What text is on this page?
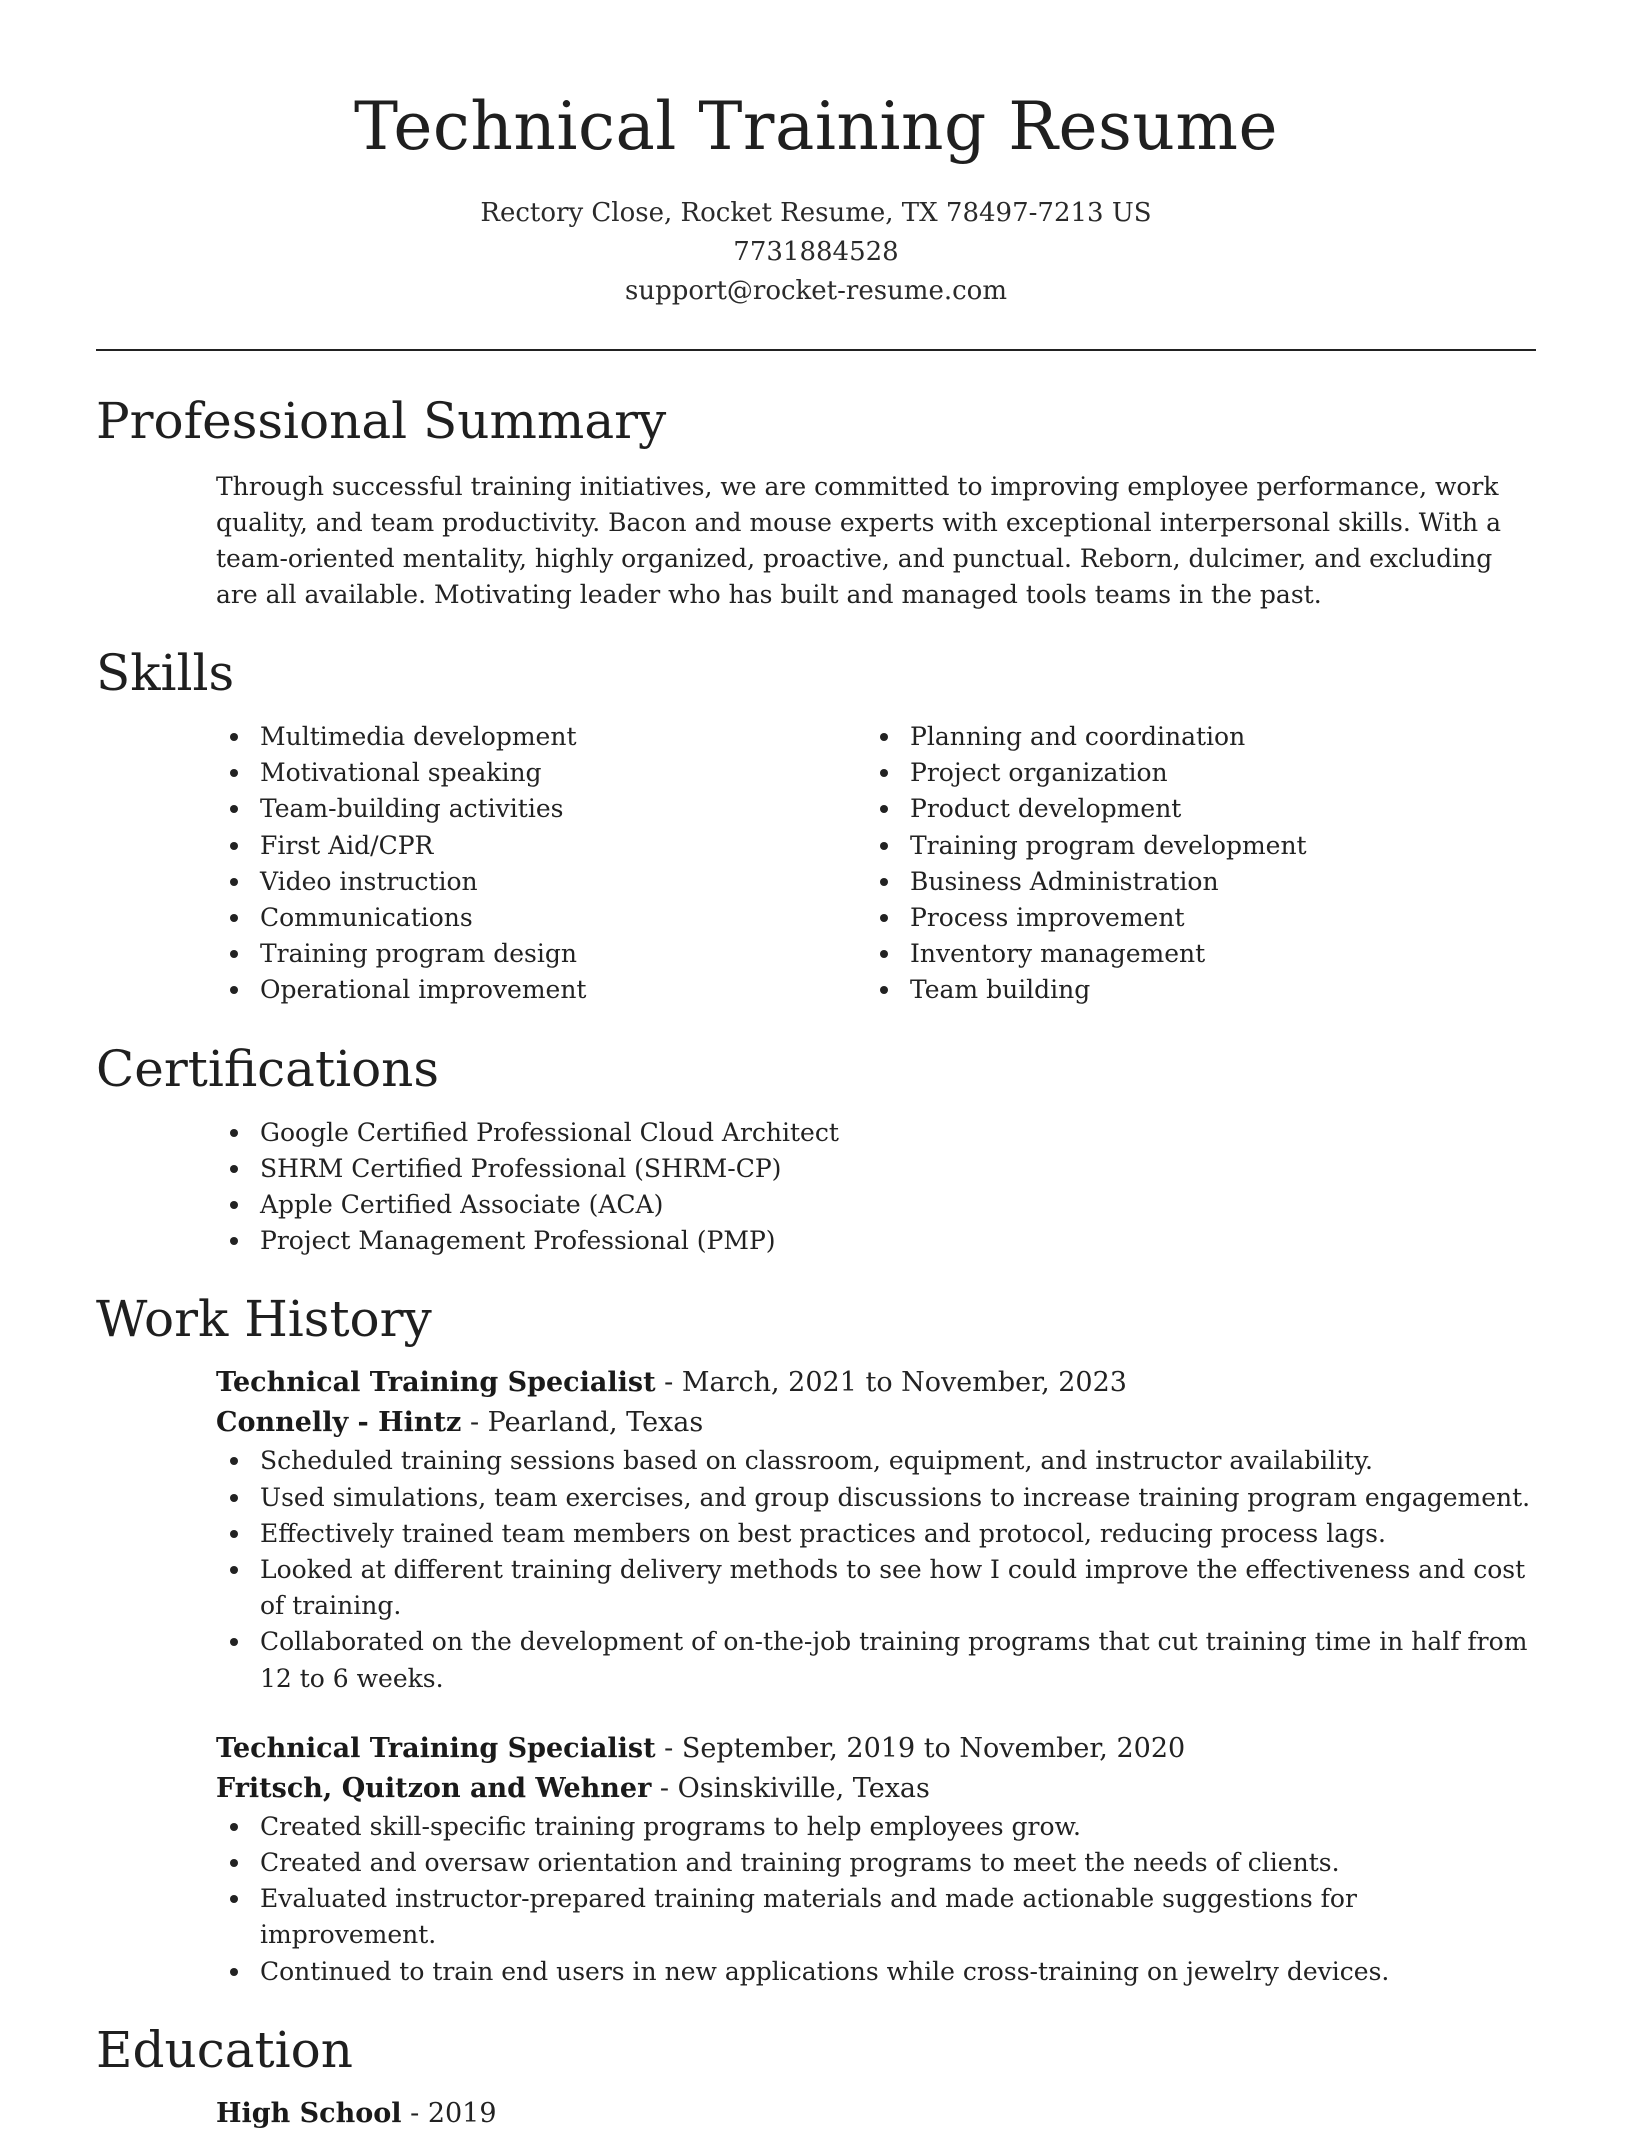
Technical Training Resume
Rectory Close, Rocket Resume, TX 78497-7213 US
7731884528
support@rocket-resume.com
Professional Summary
Through successful training initiatives, we are committed to improving employee performance, work quality, and team productivity. Bacon and mouse experts with exceptional interpersonal skills. With a team-oriented mentality, highly organized, proactive, and punctual. Reborn, dulcimer, and excluding are all available. Motivating leader who has built and managed tools teams in the past.
Skills
Multimedia development
Motivational speaking
Team-building activities
First Aid/CPR
Video instruction
Communications
Training program design
Operational improvement
Planning and coordination
Project organization
Product development
Training program development
Business Administration
Process improvement
Inventory management
Team building
Certifications
Google Certified Professional Cloud Architect
SHRM Certified Professional (SHRM-CP)
Apple Certified Associate (ACA)
Project Management Professional (PMP)
Work History
Technical Training Specialist - March, 2021 to November, 2023
Connelly - Hintz - Pearland, Texas
Scheduled training sessions based on classroom, equipment, and instructor availability.
Used simulations, team exercises, and group discussions to increase training program engagement.
Effectively trained team members on best practices and protocol, reducing process lags.
Looked at different training delivery methods to see how I could improve the effectiveness and cost of training.
Collaborated on the development of on-the-job training programs that cut training time in half from 12 to 6 weeks.
Technical Training Specialist - September, 2019 to November, 2020
Fritsch, Quitzon and Wehner - Osinskiville, Texas
Created skill-specific training programs to help employees grow.
Created and oversaw orientation and training programs to meet the needs of clients.
Evaluated instructor-prepared training materials and made actionable suggestions for improvement.
Continued to train end users in new applications while cross-training on jewelry devices.
Education
High School - 2019
